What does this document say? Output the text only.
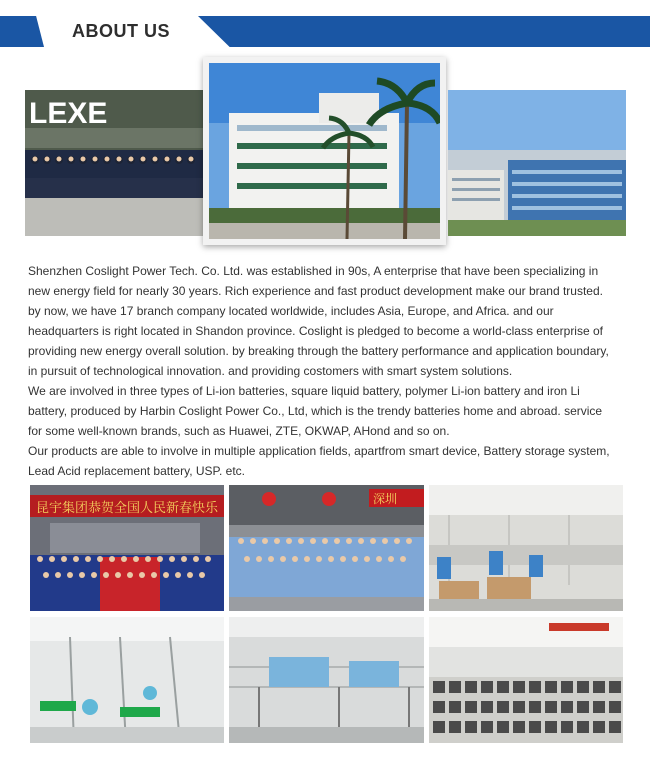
ABOUT US
LEXE

Shenzhen Coslight Power Tech. Co. Ltd. was established in 90s, A enterprise that have been specializing in

new energy field for nearly 30 years. Rich experience and fast product development make our brand trusted.

by now, we have 17 branch company located worldwide, includes Asia, Europe, and Africa. and our

headquarters is right located in Shandon province. Coslight is pledged to become a world-class enterprise of

providing new energy overall solution. by breaking through the battery performance and application boundary,

in pursuit of technological innovation. and providing costomers with smart system solutions.

We are involved in three types of Li-ion batteries, square liquid battery, polymer Li-ion battery and iron Li

battery, produced by Harbin Coslight Power Co., Ltd, which is the trendy batteries home and abroad. service

for some well-known brands, such as Huawei, ZTE, OKWAP, AHond and so on.

Our products are able to involve in multiple application fields, apartfrom smart device, Battery storage system,

Lead Acid replacement battery, USP. etc.

昆宇集团恭贺全国人民新春快乐
深圳
